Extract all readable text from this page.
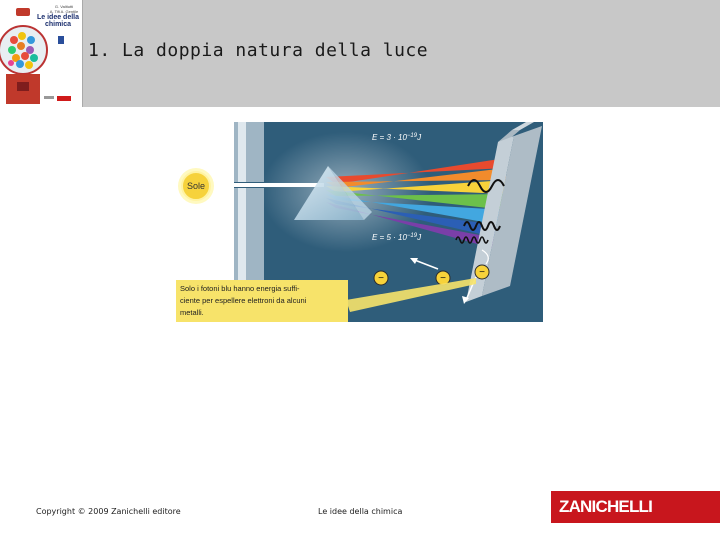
G. Valitutti
A. Tifi A. Gentile
Le idee della
chimica
1. La doppia natura della luce
$E = 3 \cdot 10^{-19}J$
$E = 5 \cdot 10^{-19}J$
Sole
−	−
−
Solo i fotoni blu hanno energia suffi-
ciente per espellere elettroni da alcuni
metalli.
Copyright © 2009 Zanichelli editore	Le idee della chimica	ZANICHELLI
